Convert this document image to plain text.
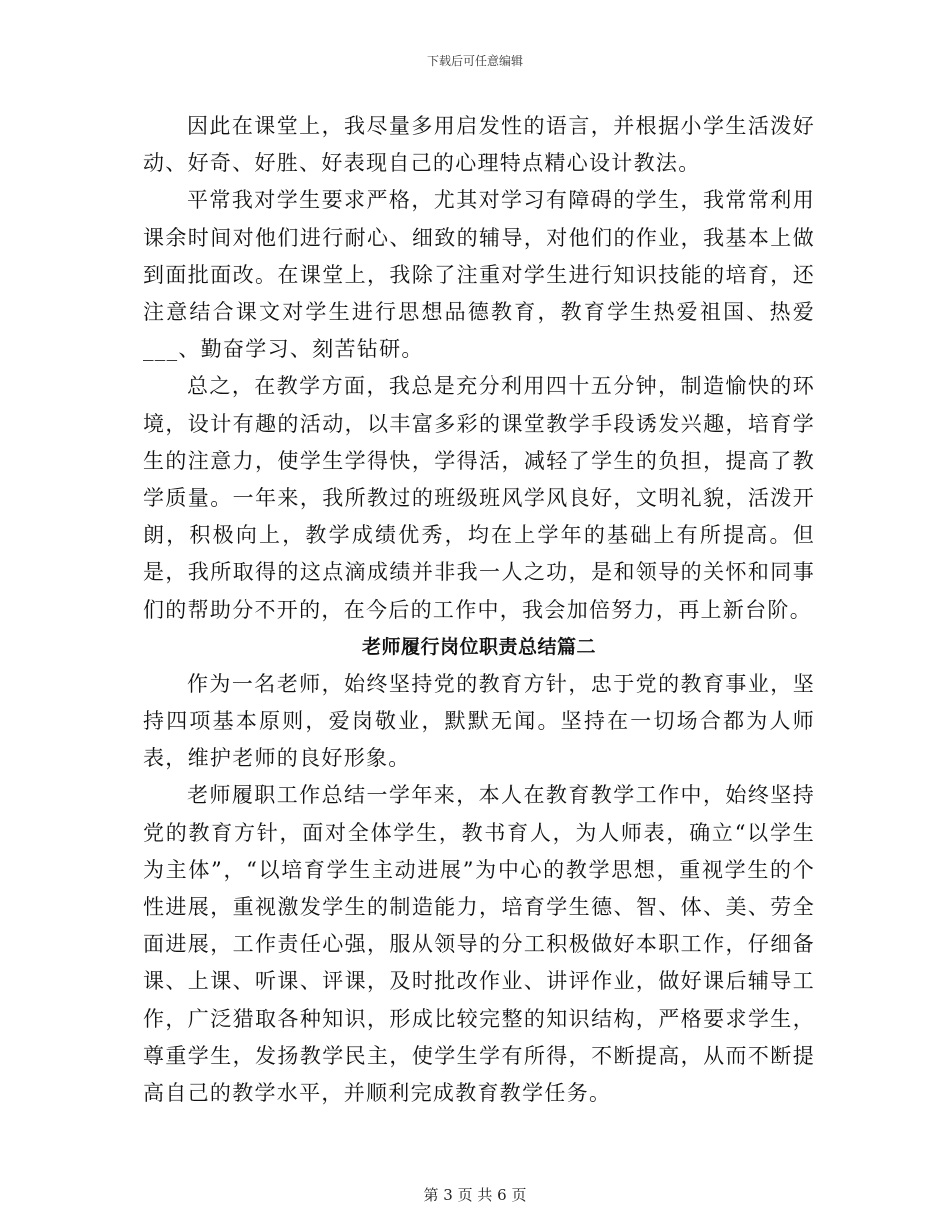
下载后可任意编辑

因此在课堂上，我尽量多用启发性的语言，并根据小学生活泼好动、好奇、好胜、好表现自己的心理特点精心设计教法。

平常我对学生要求严格，尤其对学习有障碍的学生，我常常利用课余时间对他们进行耐心、细致的辅导，对他们的作业，我基本上做到面批面改。在课堂上，我除了注重对学生进行知识技能的培育，还注意结合课文对学生进行思想品德教育，教育学生热爱祖国、热爱___、勤奋学习、刻苦钻研。

总之，在教学方面，我总是充分利用四十五分钟，制造愉快的环境，设计有趣的活动，以丰富多彩的课堂教学手段诱发兴趣，培育学生的注意力，使学生学得快，学得活，减轻了学生的负担，提高了教学质量。一年来，我所教过的班级班风学风良好，文明礼貌，活泼开朗，积极向上，教学成绩优秀，均在上学年的基础上有所提高。但是，我所取得的这点滴成绩并非我一人之功，是和领导的关怀和同事们的帮助分不开的，在今后的工作中，我会加倍努力，再上新台阶。

老师履行岗位职责总结篇二

作为一名老师，始终坚持党的教育方针，忠于党的教育事业，坚持四项基本原则，爱岗敬业，默默无闻。坚持在一切场合都为人师表，维护老师的良好形象。

老师履职工作总结一学年来，本人在教育教学工作中，始终坚持党的教育方针，面对全体学生，教书育人，为人师表，确立“以学生为主体”，“以培育学生主动进展”为中心的教学思想，重视学生的个性进展，重视激发学生的制造能力，培育学生德、智、体、美、劳全面进展，工作责任心强，服从领导的分工积极做好本职工作，仔细备课、上课、听课、评课，及时批改作业、讲评作业，做好课后辅导工作，广泛猎取各种知识，形成比较完整的知识结构，严格要求学生，尊重学生，发扬教学民主，使学生学有所得，不断提高，从而不断提高自己的教学水平，并顺利完成教育教学任务。

第 3 页 共 6 页
